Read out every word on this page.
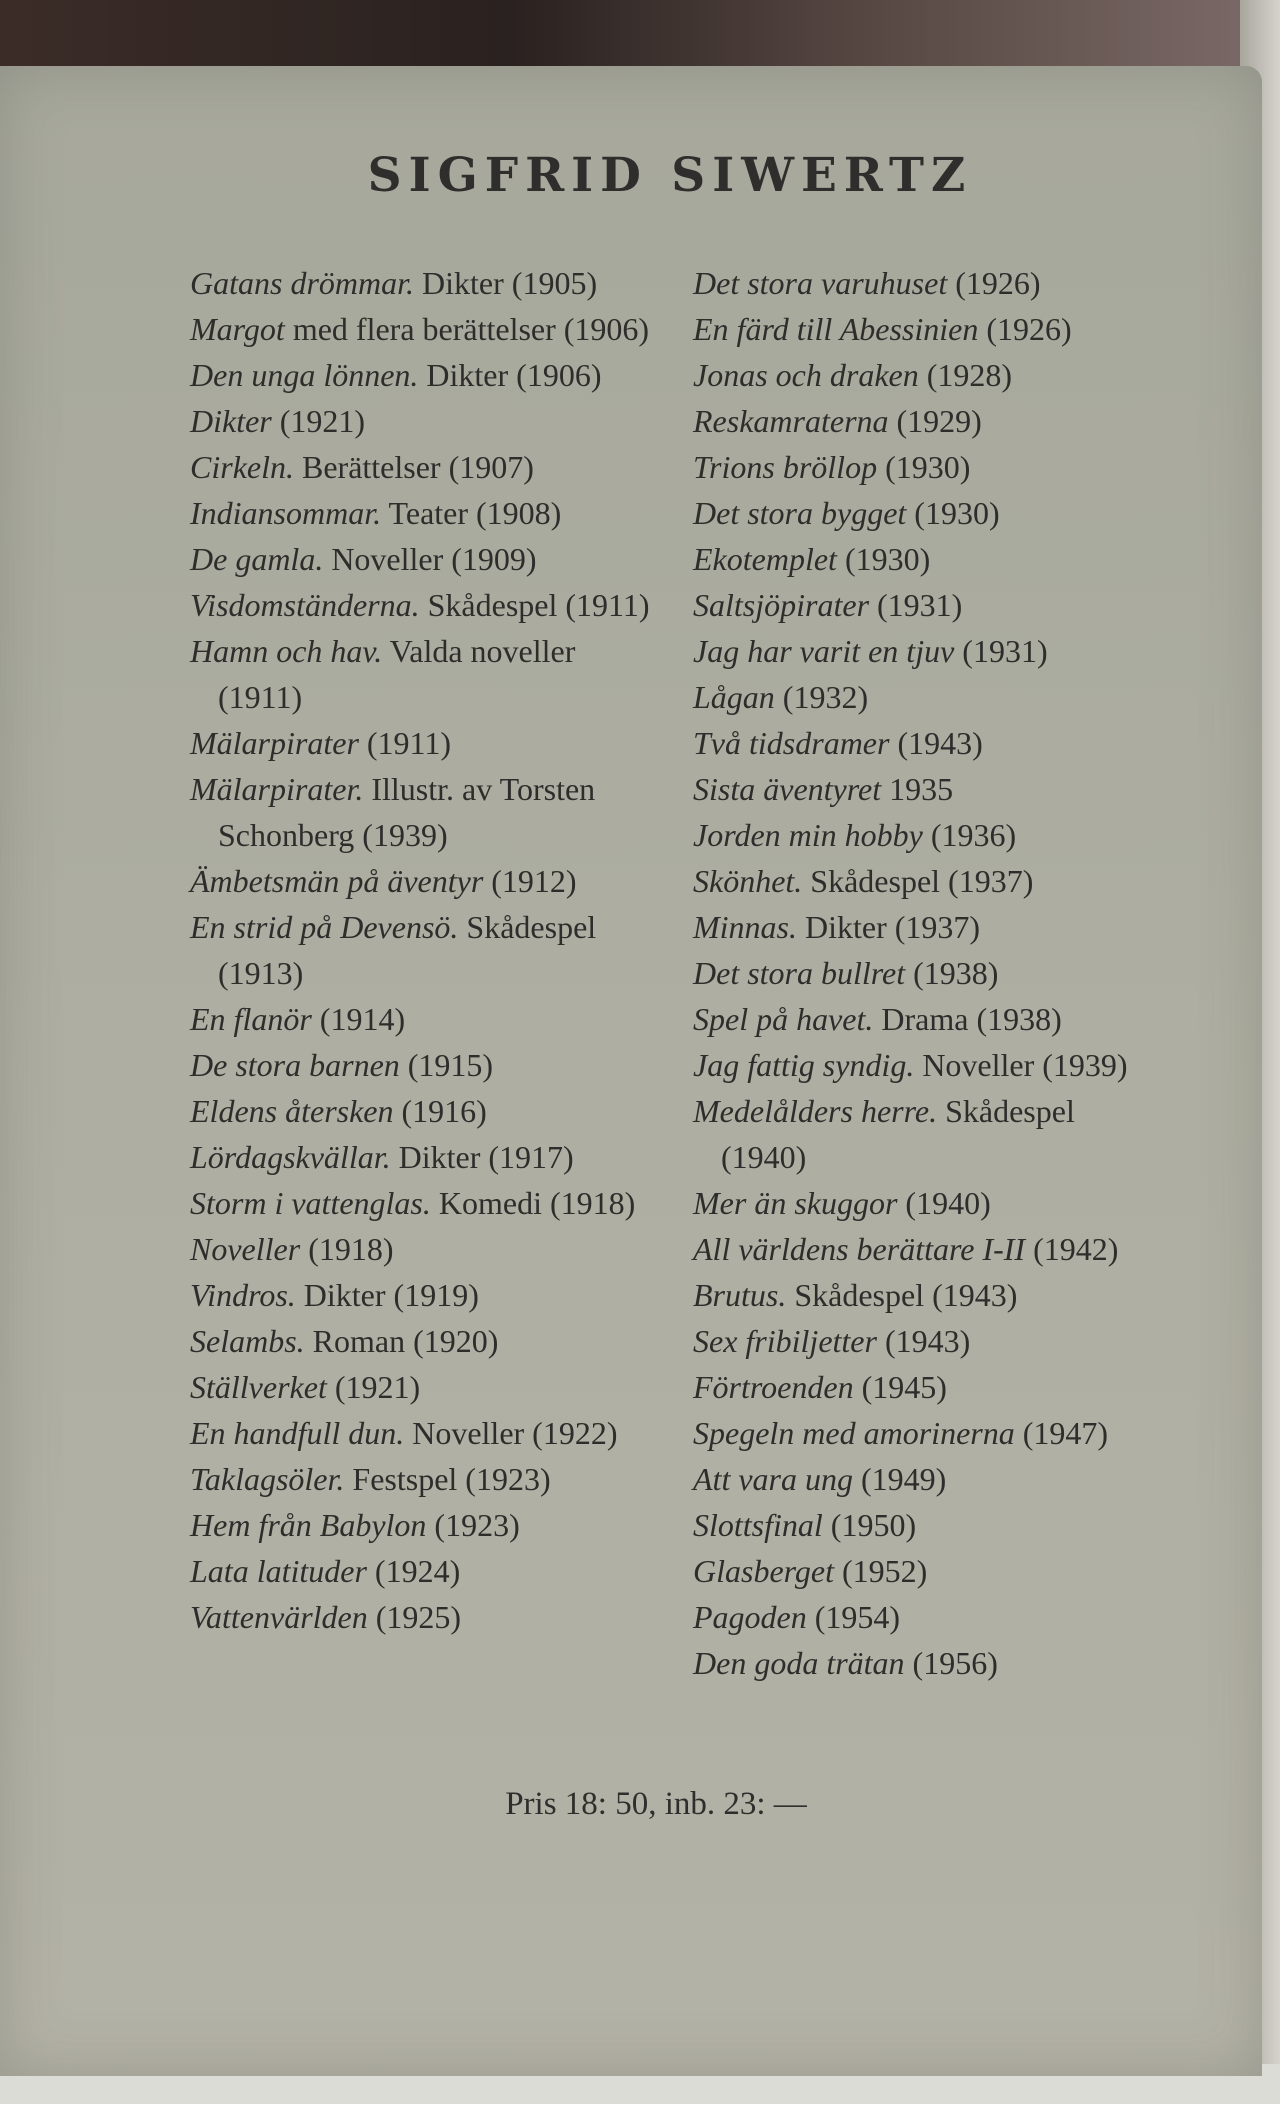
SIGFRID SIWERTZ
Gatans drömmar. Dikter (1905)
Margot med flera berättelser (1906)
Den unga lönnen. Dikter (1906)
Dikter (1921)
Cirkeln. Berättelser (1907)
Indiansommar. Teater (1908)
De gamla. Noveller (1909)
Visdomständerna. Skådespel (1911)
Hamn och hav. Valda noveller (1911)
Mälarpirater (1911)
Mälarpirater. Illustr. av Torsten Schonberg (1939)
Ämbetsmän på äventyr (1912)
En strid på Devensö. Skådespel (1913)
En flanör (1914)
De stora barnen (1915)
Eldens återsken (1916)
Lördagskvällar. Dikter (1917)
Storm i vattenglas. Komedi (1918)
Noveller (1918)
Vindros. Dikter (1919)
Selambs. Roman (1920)
Ställverket (1921)
En handfull dun. Noveller (1922)
Taklagsöler. Festspel (1923)
Hem från Babylon (1923)
Lata latituder (1924)
Vattenvärlden (1925)
Det stora varuhuset (1926)
En färd till Abessinien (1926)
Jonas och draken (1928)
Reskamraterna (1929)
Trions bröllop (1930)
Det stora bygget (1930)
Ekotemplet (1930)
Saltsjöpirater (1931)
Jag har varit en tjuv (1931)
Lågan (1932)
Två tidsdramer (1943)
Sista äventyret 1935
Jorden min hobby (1936)
Skönhet. Skådespel (1937)
Minnas. Dikter (1937)
Det stora bullret (1938)
Spel på havet. Drama (1938)
Jag fattig syndig. Noveller (1939)
Medelålders herre. Skådespel (1940)
Mer än skuggor (1940)
All världens berättare I-II (1942)
Brutus. Skådespel (1943)
Sex fribiljetter (1943)
Förtroenden (1945)
Spegeln med amorinerna (1947)
Att vara ung (1949)
Slottsfinal (1950)
Glasberget (1952)
Pagoden (1954)
Den goda trätan (1956)

Pris 18: 50, inb. 23: —
